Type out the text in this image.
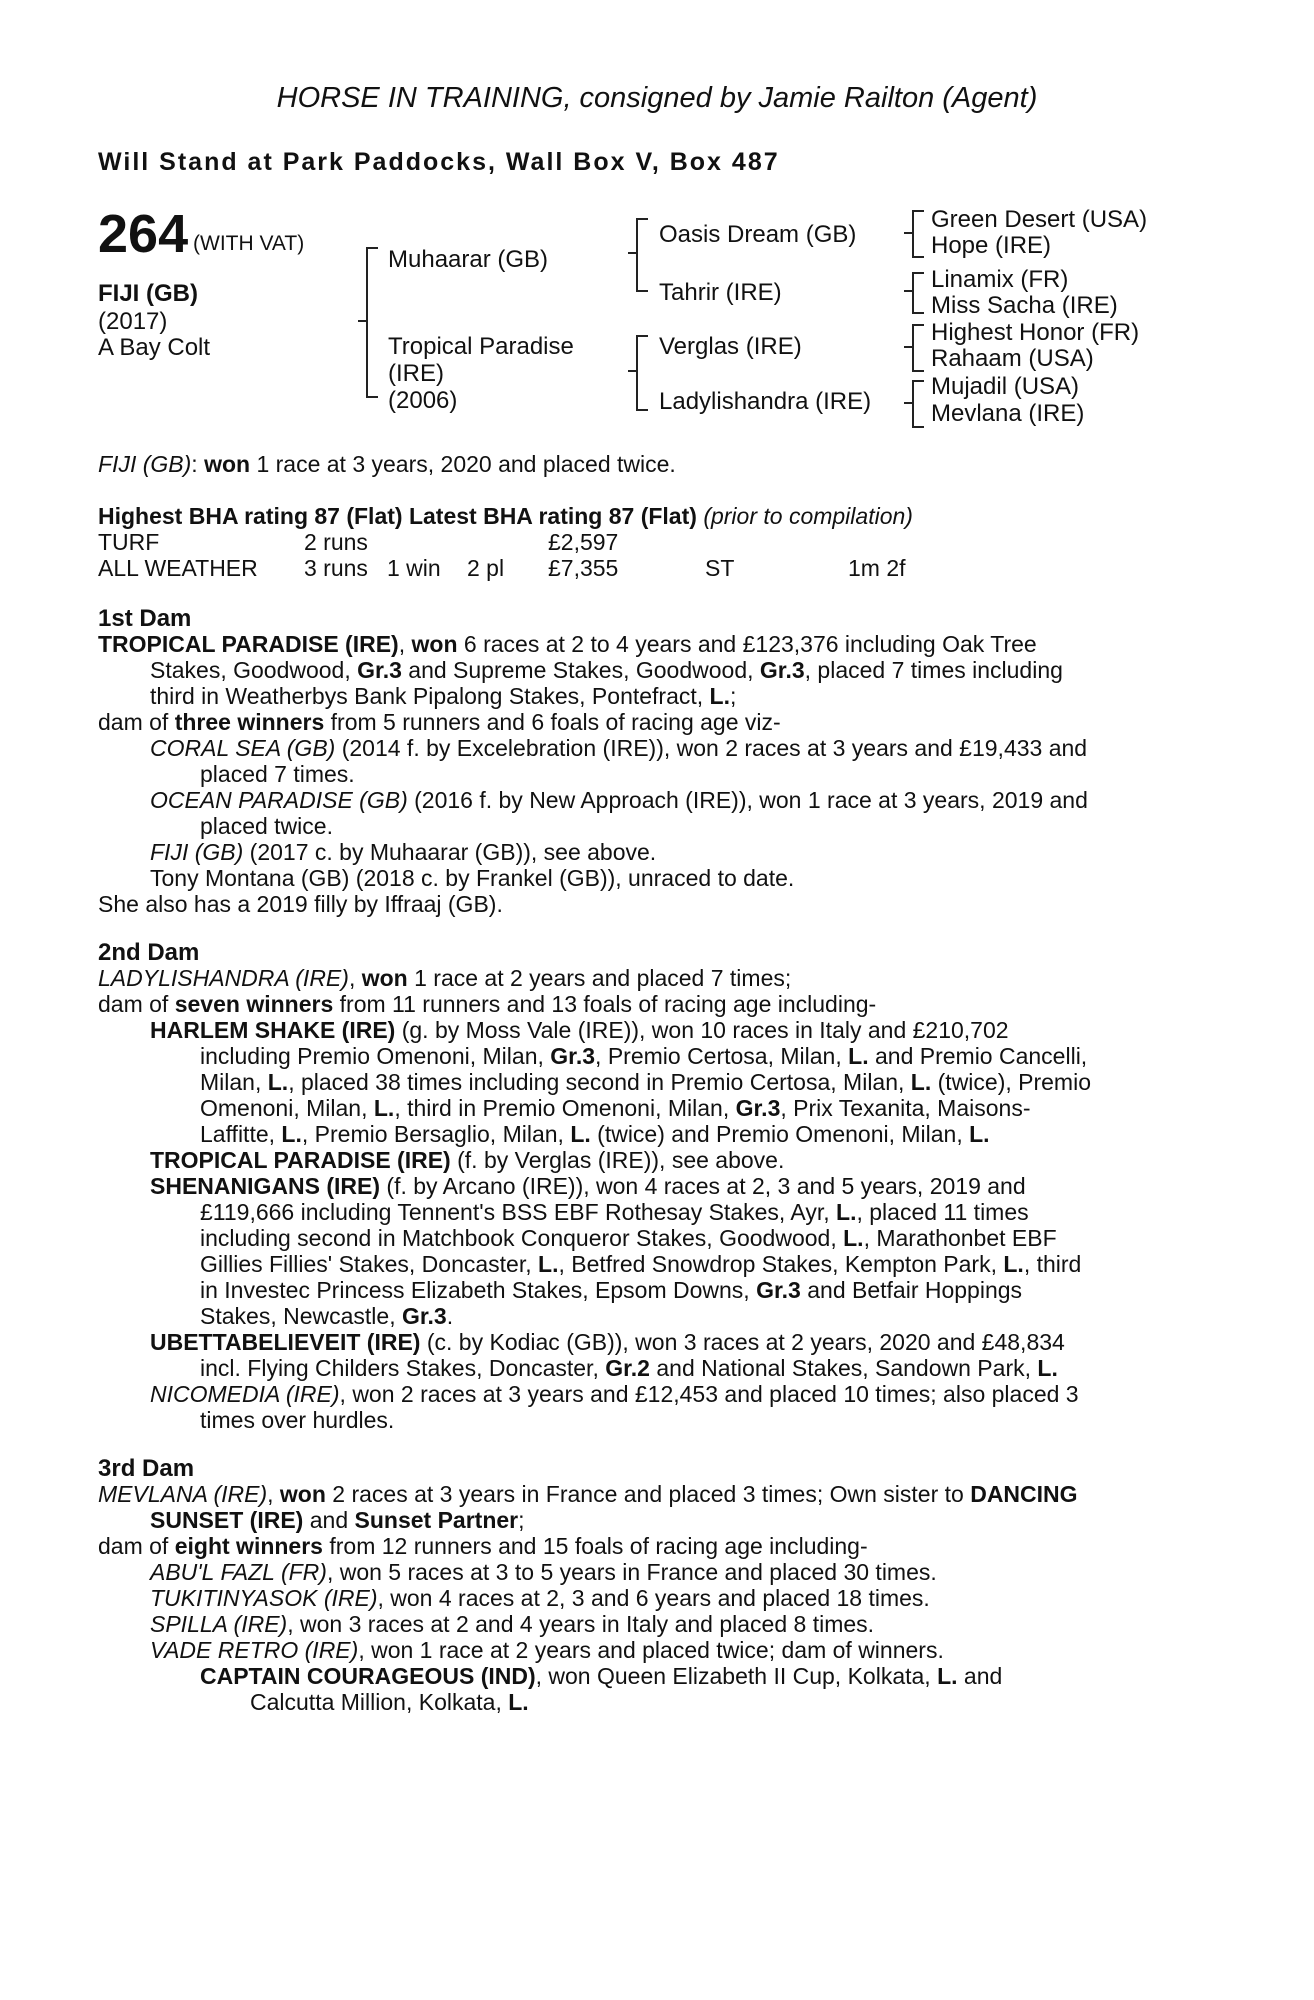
HORSE IN TRAINING, consigned by Jamie Railton (Agent)
Will Stand at Park Paddocks, Wall Box V, Box 487
264 (WITH VAT)
FIJI (GB)
(2017)
A Bay Colt
Muhaarar (GB)
Tropical Paradise
(IRE)
(2006)
Oasis Dream (GB)
Tahrir (IRE)
Verglas (IRE)
Ladylishandra (IRE)
Green Desert (USA)
Hope (IRE)
Linamix (FR)
Miss Sacha (IRE)
Highest Honor (FR)
Rahaam (USA)
Mujadil (USA)
Mevlana (IRE)
FIJI (GB): won 1 race at 3 years, 2020 and placed twice.
Highest BHA rating 87 (Flat) Latest BHA rating 87 (Flat) (prior to compilation)
TURF	2 runs	£2,597
ALL WEATHER 3 runs 1 win 2 pl £7,355	ST	1m 2f
1st Dam
TROPICAL PARADISE (IRE), won 6 races at 2 to 4 years and £123,376 including Oak Tree
Stakes, Goodwood, Gr.3 and Supreme Stakes, Goodwood, Gr.3, placed 7 times including
third in Weatherbys Bank Pipalong Stakes, Pontefract, L.;
dam of three winners from 5 runners and 6 foals of racing age viz-
CORAL SEA (GB) (2014 f. by Excelebration (IRE)), won 2 races at 3 years and £19,433 and
placed 7 times.
OCEAN PARADISE (GB) (2016 f. by New Approach (IRE)), won 1 race at 3 years, 2019 and
placed twice.
FIJI (GB) (2017 c. by Muhaarar (GB)), see above.
Tony Montana (GB) (2018 c. by Frankel (GB)), unraced to date.
She also has a 2019 filly by Iffraaj (GB).
2nd Dam
LADYLISHANDRA (IRE), won 1 race at 2 years and placed 7 times;
dam of seven winners from 11 runners and 13 foals of racing age including-
HARLEM SHAKE (IRE) (g. by Moss Vale (IRE)), won 10 races in Italy and £210,702
including Premio Omenoni, Milan, Gr.3, Premio Certosa, Milan, L. and Premio Cancelli,
Milan, L., placed 38 times including second in Premio Certosa, Milan, L. (twice), Premio
Omenoni, Milan, L., third in Premio Omenoni, Milan, Gr.3, Prix Texanita, Maisons-
Laffitte, L., Premio Bersaglio, Milan, L. (twice) and Premio Omenoni, Milan, L.
TROPICAL PARADISE (IRE) (f. by Verglas (IRE)), see above.
SHENANIGANS (IRE) (f. by Arcano (IRE)), won 4 races at 2, 3 and 5 years, 2019 and
£119,666 including Tennent's BSS EBF Rothesay Stakes, Ayr, L., placed 11 times
including second in Matchbook Conqueror Stakes, Goodwood, L., Marathonbet EBF
Gillies Fillies' Stakes, Doncaster, L., Betfred Snowdrop Stakes, Kempton Park, L., third
in Investec Princess Elizabeth Stakes, Epsom Downs, Gr.3 and Betfair Hoppings
Stakes, Newcastle, Gr.3.
UBETTABELIEVEIT (IRE) (c. by Kodiac (GB)), won 3 races at 2 years, 2020 and £48,834
incl. Flying Childers Stakes, Doncaster, Gr.2 and National Stakes, Sandown Park, L.
NICOMEDIA (IRE), won 2 races at 3 years and £12,453 and placed 10 times; also placed 3
times over hurdles.
3rd Dam
MEVLANA (IRE), won 2 races at 3 years in France and placed 3 times; Own sister to DANCING
SUNSET (IRE) and Sunset Partner;
dam of eight winners from 12 runners and 15 foals of racing age including-
ABU'L FAZL (FR), won 5 races at 3 to 5 years in France and placed 30 times.
TUKITINYASOK (IRE), won 4 races at 2, 3 and 6 years and placed 18 times.
SPILLA (IRE), won 3 races at 2 and 4 years in Italy and placed 8 times.
VADE RETRO (IRE), won 1 race at 2 years and placed twice; dam of winners.
CAPTAIN COURAGEOUS (IND), won Queen Elizabeth II Cup, Kolkata, L. and
Calcutta Million, Kolkata, L.
